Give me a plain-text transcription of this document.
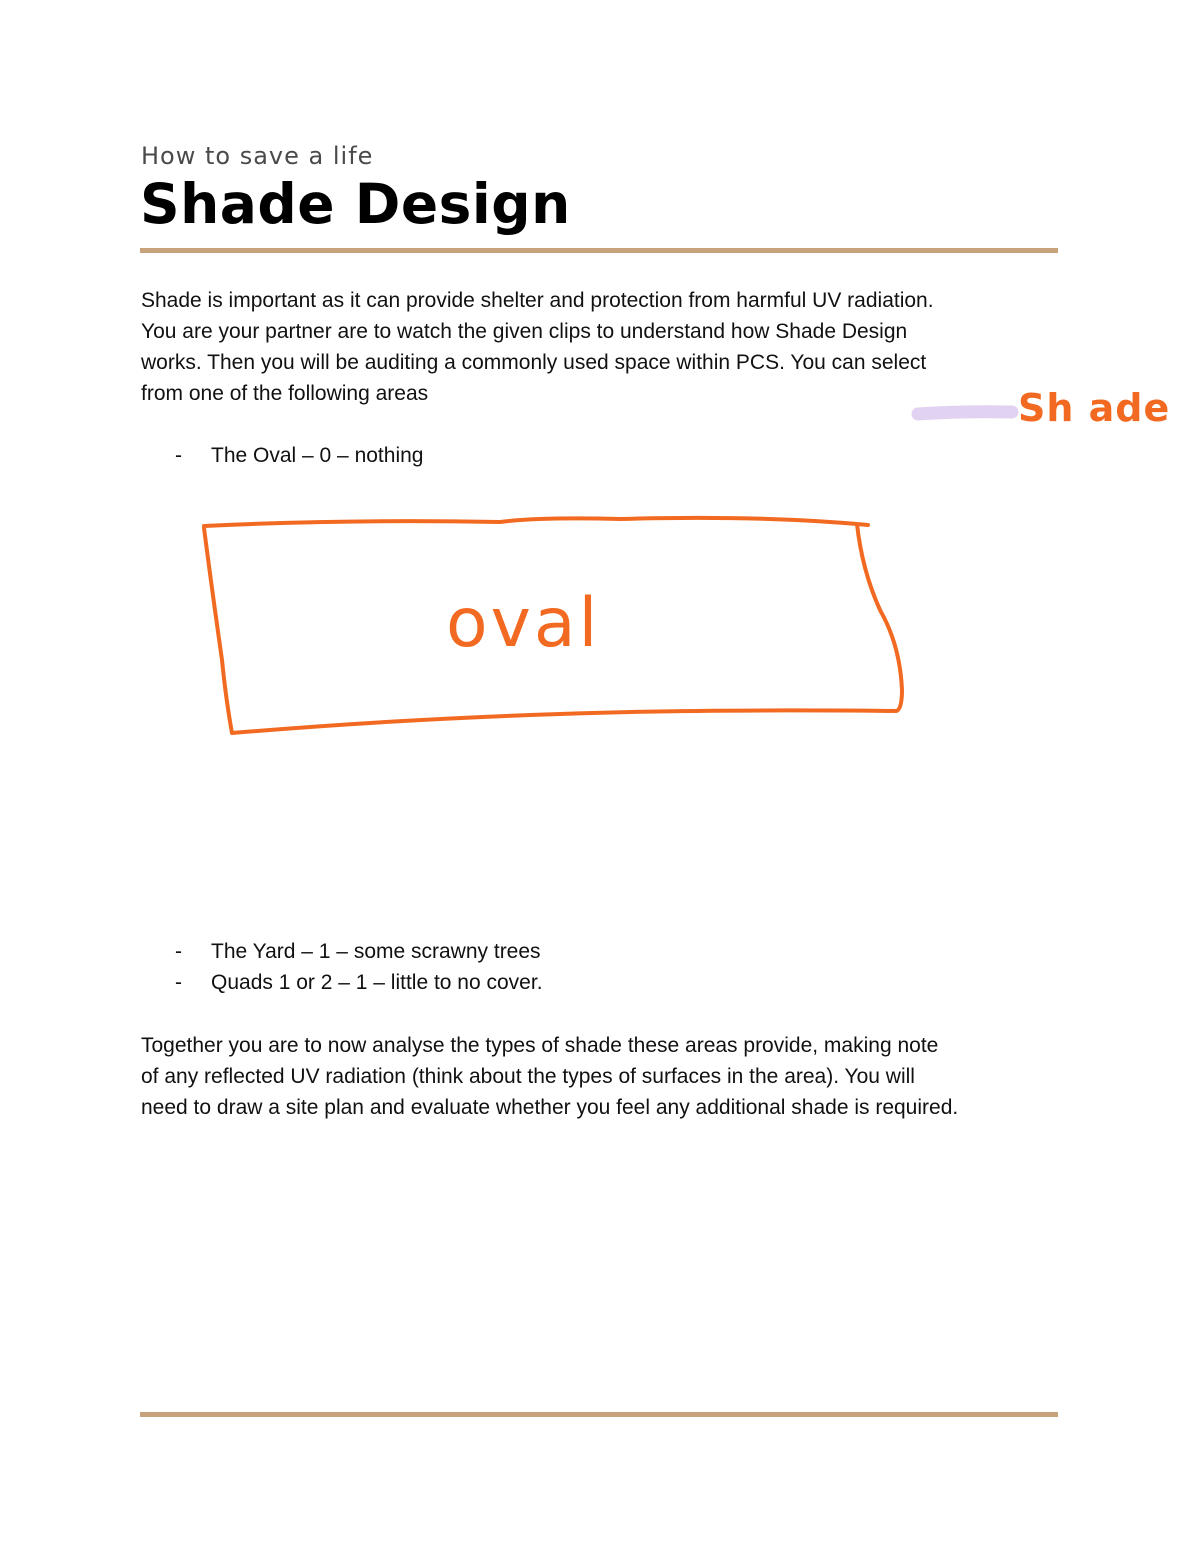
How to save a life
Shade Design
Shade is important as it can provide shelter and protection from harmful UV radiation.
You are your partner are to watch the given clips to understand how Shade Design
works. Then you will be auditing a commonly used space within PCS. You can select
from one of the following areas
- The Oval – 0 – nothing
- The Yard – 1 – some scrawny trees
- Quads 1 or 2 – 1 – little to no cover.
Together you are to now analyse the types of shade these areas provide, making note
of any reflected UV radiation (think about the types of surfaces in the area). You will
need to draw a site plan and evaluate whether you feel any additional shade is required.
Sh ade
oval
